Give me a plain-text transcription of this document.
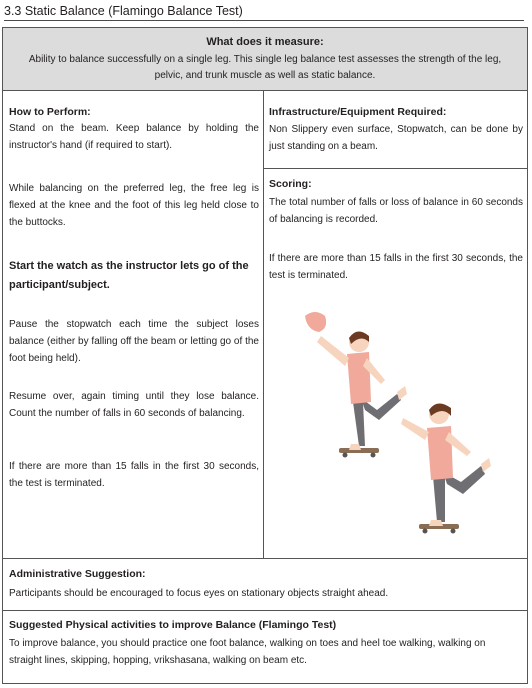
3.3 Static Balance (Flamingo Balance Test)
What does it measure:
Ability to balance successfully on a single leg. This single leg balance test assesses the strength of the leg, pelvic, and trunk muscle as well as static balance.
How to Perform:
Stand on the beam. Keep balance by holding the instructor's hand (if required to start).
While balancing on the preferred leg, the free leg is flexed at the knee and the foot of this leg held close to the buttocks.
Start the watch as the instructor lets go of the participant/subject.
Pause the stopwatch each time the subject loses balance (either by falling off the beam or letting go of the foot being held).
Resume over, again timing until they lose balance. Count the number of falls in 60 seconds of balancing.
If there are more than 15 falls in the first 30 seconds, the test is terminated.
Infrastructure/Equipment Required:
Non Slippery even surface, Stopwatch, can be done by just standing on a beam.
Scoring:
The total number of falls or loss of balance in 60 seconds of balancing is recorded.
If there are more than 15 falls in the first 30 seconds, the test is terminated.
Administrative Suggestion:
Participants should be encouraged to focus eyes on stationary objects straight ahead.
Suggested Physical activities to improve Balance (Flamingo Test)
To improve balance, you should practice one foot balance, walking on toes and heel toe walking, walking on straight lines, skipping, hopping, vrikshasana, walking on beam etc.
